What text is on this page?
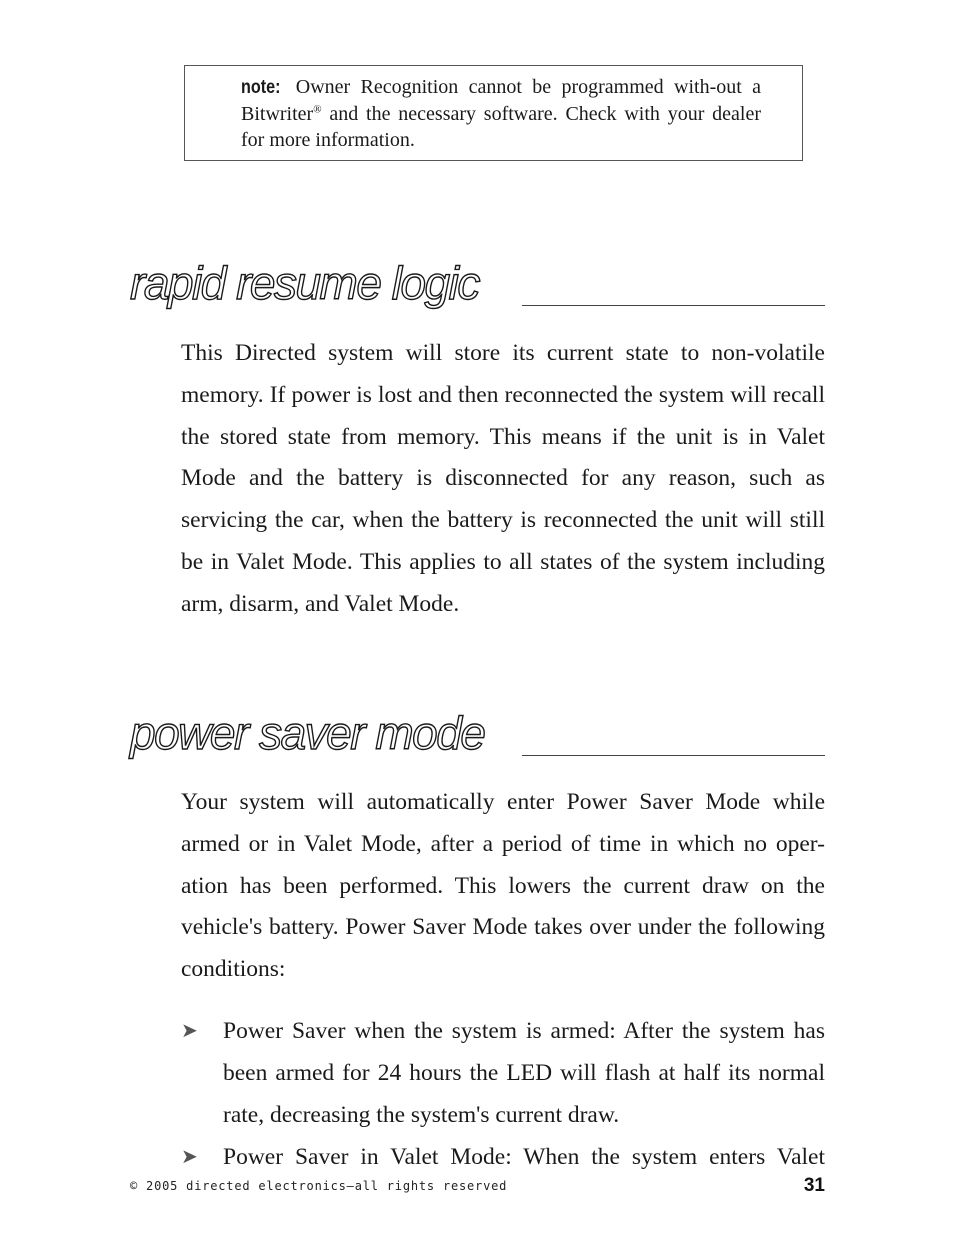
note: Owner Recognition cannot be programmed with-out a Bitwriter® and the necessary software. Check with your dealer for more information.
rapid resume logic
This Directed system will store its current state to non-volatile memory. If power is lost and then reconnected the system will recall the stored state from memory. This means if the unit is in Valet Mode and the battery is disconnected for any reason, such as servicing the car, when the battery is reconnected the unit will still be in Valet Mode. This applies to all states of the system including arm, disarm, and Valet Mode.
power saver mode
Your system will automatically enter Power Saver Mode while armed or in Valet Mode, after a period of time in which no oper-ation has been performed. This lowers the current draw on the vehicle's battery. Power Saver Mode takes over under the following conditions:
➤ Power Saver when the system is armed: After the system has been armed for 24 hours the LED will flash at half its normal rate, decreasing the system's current draw.
➤ Power Saver in Valet Mode: When the system enters Valet
© 2005 directed electronics—all rights reserved	31
